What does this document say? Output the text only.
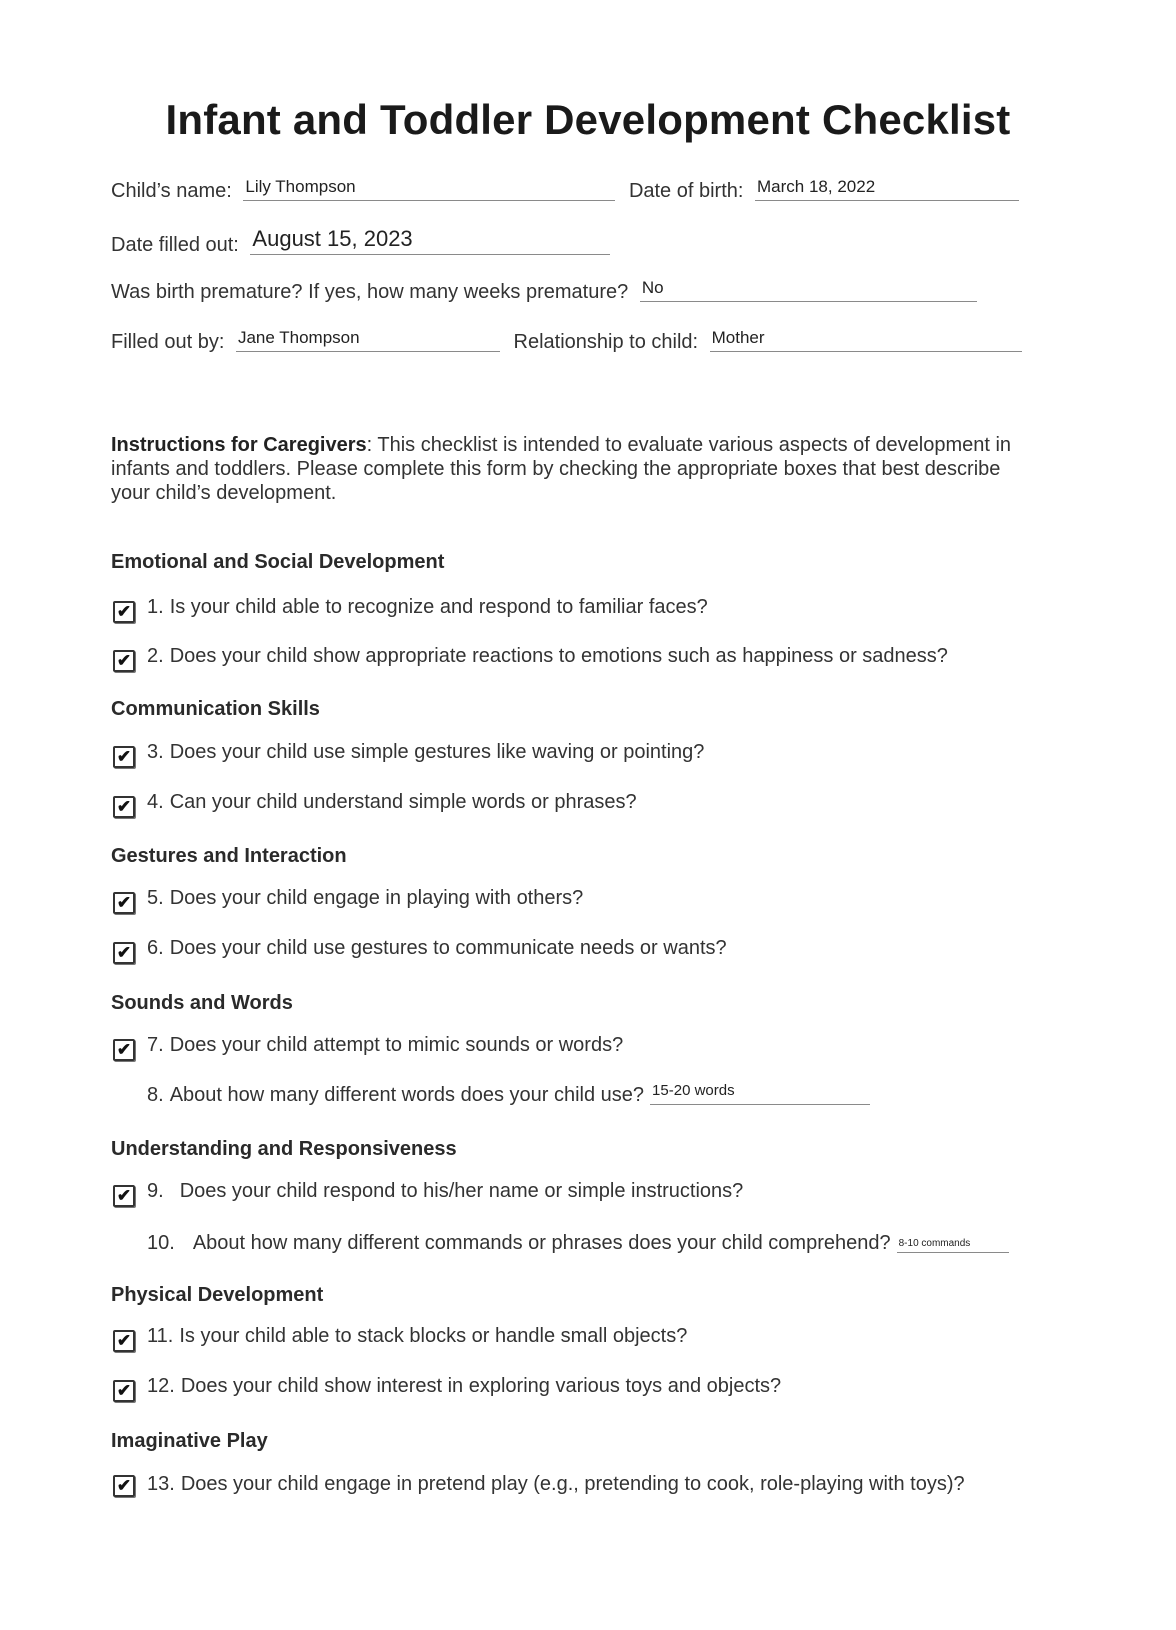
Infant and Toddler Development Checklist
Child’s name: Lily Thompson	Date of birth: March 18, 2022
Date filled out: August 15, 2023
Was birth premature? If yes, how many weeks premature? No
Filled out by: Jane Thompson	Relationship to child: Mother
Instructions for Caregivers: This checklist is intended to evaluate various aspects of development in infants and toddlers. Please complete this form by checking the appropriate boxes that best describe your child’s development.
Emotional and Social Development
✔ 1. Is your child able to recognize and respond to familiar faces?
✔ 2. Does your child show appropriate reactions to emotions such as happiness or sadness?
Communication Skills
✔ 3. Does your child use simple gestures like waving or pointing?
✔ 4. Can your child understand simple words or phrases?
Gestures and Interaction
✔ 5. Does your child engage in playing with others?
✔ 6. Does your child use gestures to communicate needs or wants?
Sounds and Words
✔ 7. Does your child attempt to mimic sounds or words?
8. About how many different words does your child use? 15-20 words
Understanding and Responsiveness
✔ 9. Does your child respond to his/her name or simple instructions?
10. About how many different commands or phrases does your child comprehend? 8-10 commands
Physical Development
✔ 11. Is your child able to stack blocks or handle small objects?
✔ 12. Does your child show interest in exploring various toys and objects?
Imaginative Play
✔ 13. Does your child engage in pretend play (e.g., pretending to cook, role-playing with toys)?
